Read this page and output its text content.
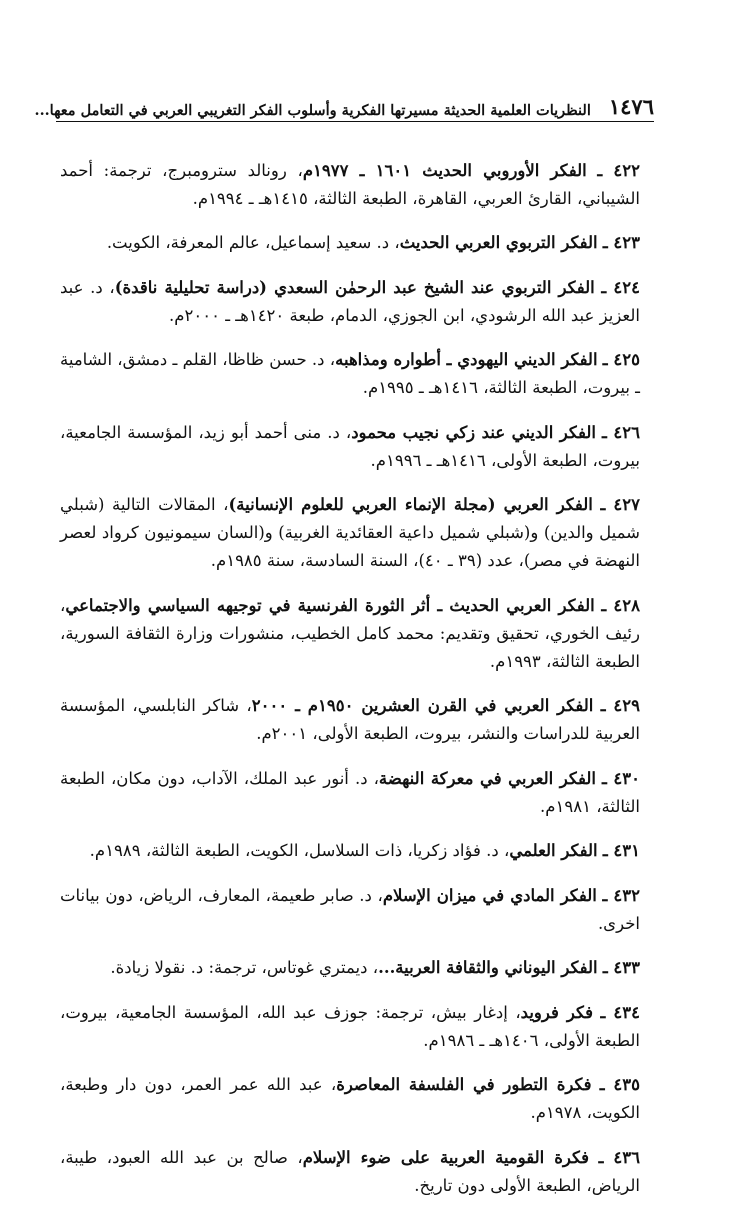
١٤٧٦
النظريات العلمية الحديثة مسيرتها الفكرية وأسلوب الفكر التغريبي العربي في التعامل معها...

٤٢٢ ـ الفكر الأوروبي الحديث ١٦٠١ ـ ١٩٧٧م، رونالد سترومبرج، ترجمة: أحمد الشيباني، القارئ العربي، القاهرة، الطبعة الثالثة، ١٤١٥هـ ـ ١٩٩٤م.

٤٢٣ ـ الفكر التربوي العربي الحديث، د. سعيد إسماعيل، عالم المعرفة، الكويت.

٤٢٤ ـ الفكر التربوي عند الشيخ عبد الرحمٰن السعدي (دراسة تحليلية ناقدة)، د. عبد العزيز عبد الله الرشودي، ابن الجوزي، الدمام، طبعة ١٤٢٠هـ ـ ٢٠٠٠م.

٤٢٥ ـ الفكر الديني اليهودي ـ أطواره ومذاهبه، د. حسن ظاظا، القلم ـ دمشق، الشامية ـ بيروت، الطبعة الثالثة، ١٤١٦هـ ـ ١٩٩٥م.

٤٢٦ ـ الفكر الديني عند زكي نجيب محمود، د. منى أحمد أبو زيد، المؤسسة الجامعية، بيروت، الطبعة الأولى، ١٤١٦هـ ـ ١٩٩٦م.

٤٢٧ ـ الفكر العربي (مجلة الإنماء العربي للعلوم الإنسانية)، المقالات التالية (شبلي شميل والدين) و(شبلي شميل داعية العقائدية الغربية) و(السان سيمونيون كرواد لعصر النهضة في مصر)، عدد (٣٩ ـ ٤٠)، السنة السادسة، سنة ١٩٨٥م.

٤٢٨ ـ الفكر العربي الحديث ـ أثر الثورة الفرنسية في توجيهه السياسي والاجتماعي، رئيف الخوري، تحقيق وتقديم: محمد كامل الخطيب، منشورات وزارة الثقافة السورية، الطبعة الثالثة، ١٩٩٣م.

٤٢٩ ـ الفكر العربي في القرن العشرين ١٩٥٠م ـ ٢٠٠٠، شاكر النابلسي، المؤسسة العربية للدراسات والنشر، بيروت، الطبعة الأولى، ٢٠٠١م.

٤٣٠ ـ الفكر العربي في معركة النهضة، د. أنور عبد الملك، الآداب، دون مكان، الطبعة الثالثة، ١٩٨١م.

٤٣١ ـ الفكر العلمي، د. فؤاد زكريا، ذات السلاسل، الكويت، الطبعة الثالثة، ١٩٨٩م.

٤٣٢ ـ الفكر المادي في ميزان الإسلام، د. صابر طعيمة، المعارف، الرياض، دون بيانات اخرى.

٤٣٣ ـ الفكر اليوناني والثقافة العربية...، ديمتري غوتاس، ترجمة: د. نقولا زيادة.

٤٣٤ ـ فكر فرويد، إدغار بيش، ترجمة: جوزف عبد الله، المؤسسة الجامعية، بيروت، الطبعة الأولى، ١٤٠٦هـ ـ ١٩٨٦م.

٤٣٥ ـ فكرة التطور في الفلسفة المعاصرة، عبد الله عمر العمر، دون دار وطبعة، الكويت، ١٩٧٨م.

٤٣٦ ـ فكرة القومية العربية على ضوء الإسلام، صالح بن عبد الله العبود، طيبة، الرياض، الطبعة الأولى دون تاريخ.
